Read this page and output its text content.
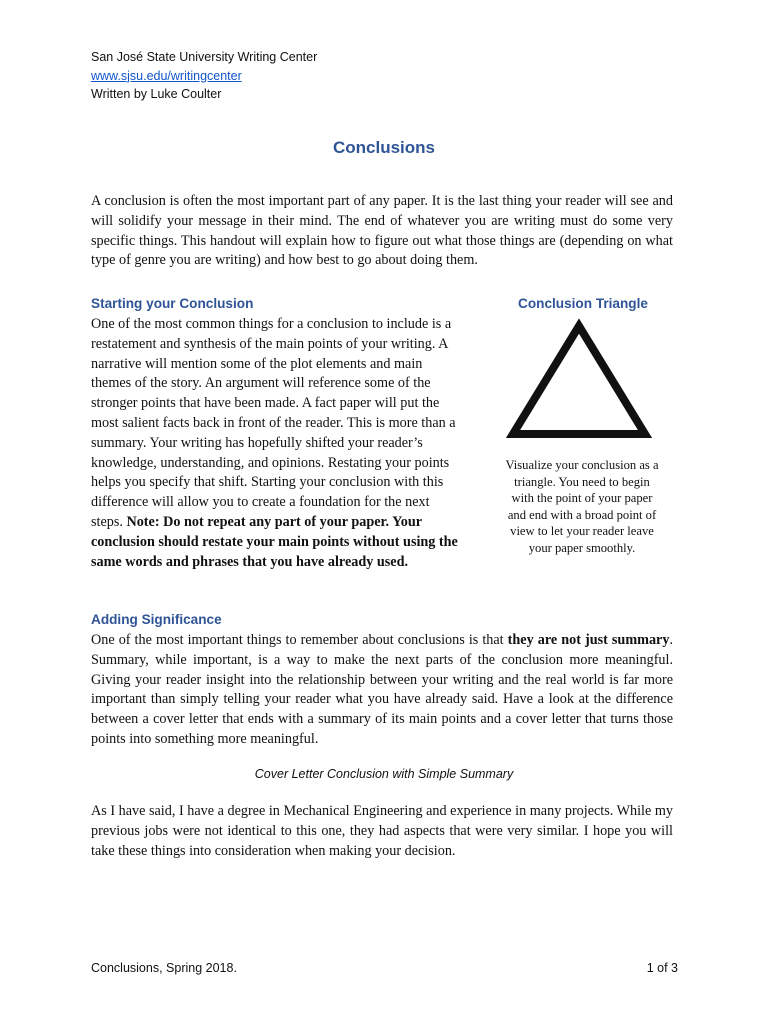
San José State University Writing Center
www.sjsu.edu/writingcenter
Written by Luke Coulter
Conclusions

A conclusion is often the most important part of any paper. It is the last thing your reader will see and will solidify your message in their mind. The end of whatever you are writing must do some very specific things. This handout will explain how to figure out what those things are (depending on what type of genre you are writing) and how best to go about doing them.

Starting your Conclusion
One of the most common things for a conclusion to include is a
restatement and synthesis of the main points of your writing. A
narrative will mention some of the plot elements and main
themes of the story. An argument will reference some of the
stronger points that have been made. A fact paper will put the
most salient facts back in front of the reader. This is more than a
summary. Your writing has hopefully shifted your reader’s
knowledge, understanding, and opinions. Restating your points
helps you specify that shift. Starting your conclusion with this
difference will allow you to create a foundation for the next
steps. Note: Do not repeat any part of your paper. Your
conclusion should restate your main points without using the
same words and phrases that you have already used.
Conclusion Triangle
Visualize your conclusion as a
triangle. You need to begin
with the point of your paper
and end with a broad point of
view to let your reader leave
your paper smoothly.
Adding Significance

One of the most important things to remember about conclusions is that they are not just summary. Summary, while important, is a way to make the next parts of the conclusion more meaningful. Giving your reader insight into the relationship between your writing and the real world is far more important than simply telling your reader what you have already said. Have a look at the difference between a cover letter that ends with a summary of its main points and a cover letter that turns those points into something more meaningful.

Cover Letter Conclusion with Simple Summary

As I have said, I have a degree in Mechanical Engineering and experience in many projects. While my previous jobs were not identical to this one, they had aspects that were very similar. I hope you will take these things into consideration when making your decision.

Conclusions, Spring 2018.	1 of 3
